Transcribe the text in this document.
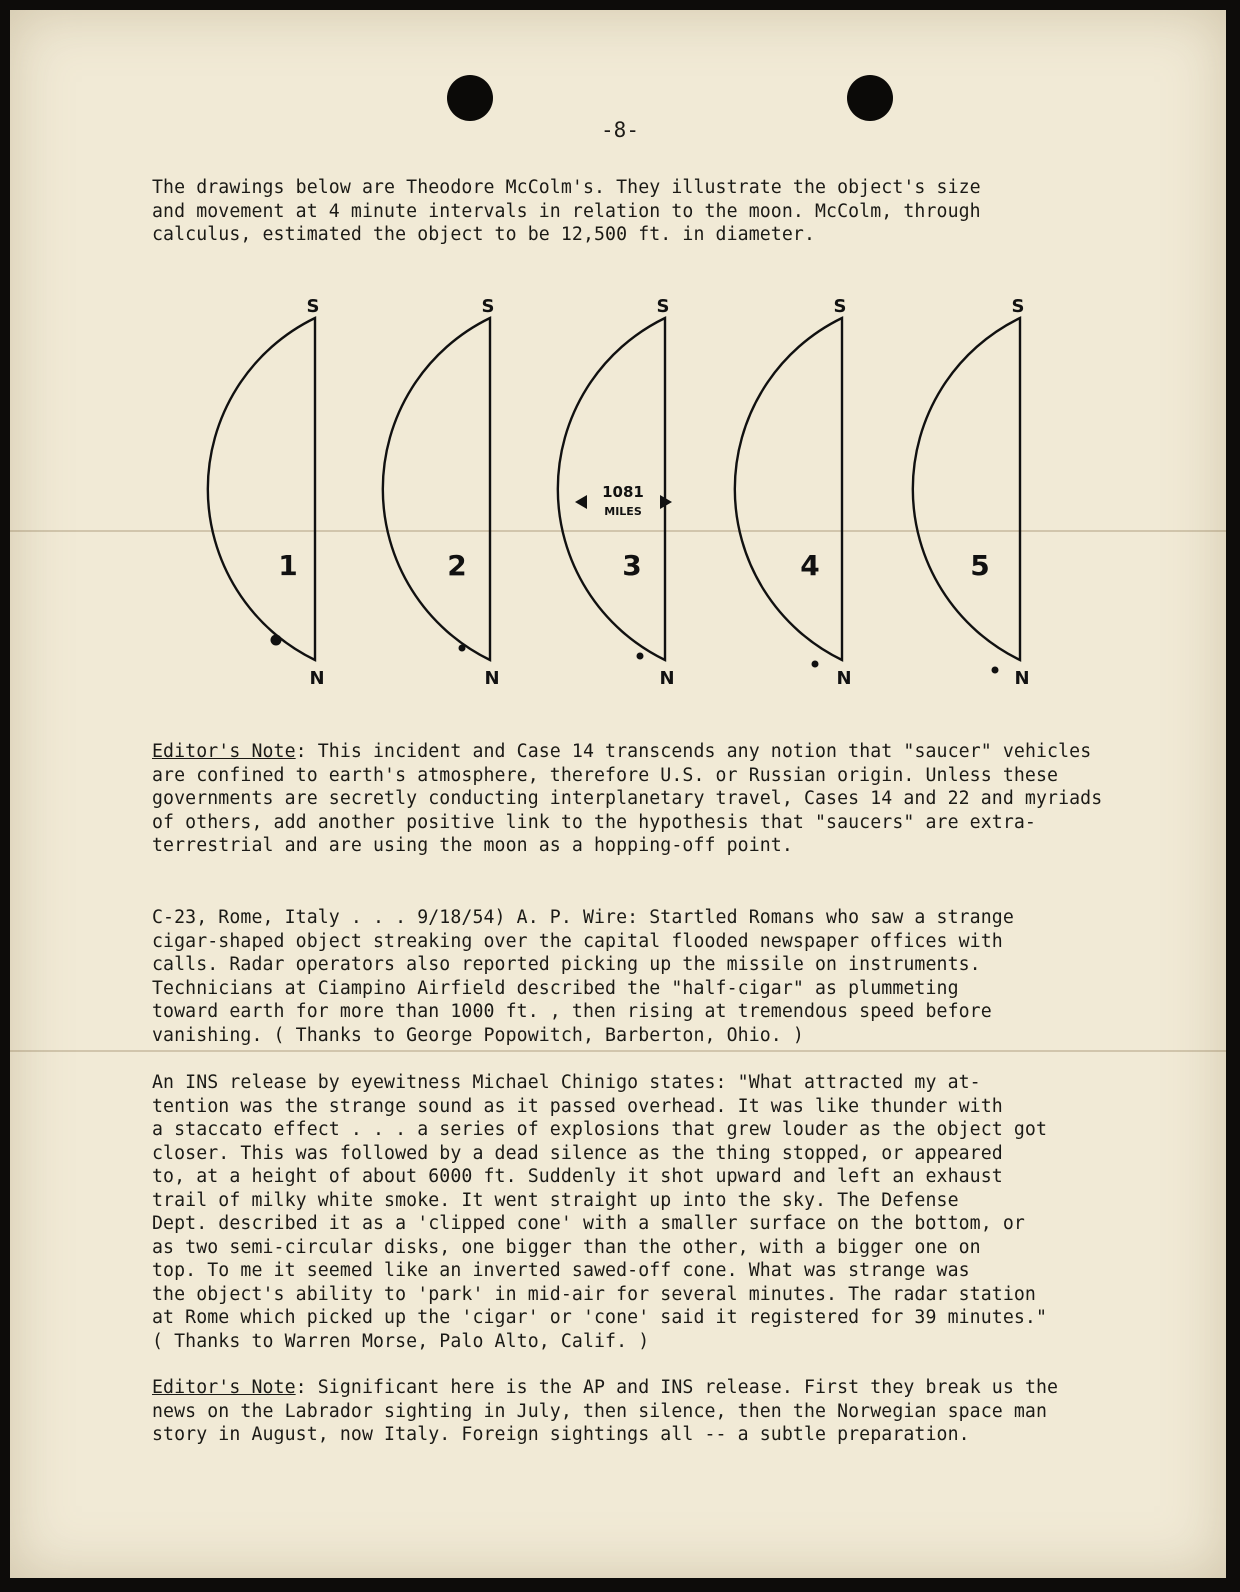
-8-
The drawings below are Theodore McColm's. They illustrate the object's size
and movement at 4 minute intervals in relation to the moon. McColm, through
calculus, estimated the object to be 12,500 ft. in diameter.
S
N
1
S
N
2
S
N
3
S
N
4
S
N
5
1081
MILES
Editor's Note: This incident and Case 14 transcends any notion that "saucer" vehicles are confined to earth's atmosphere, therefore U.S. or Russian origin. Unless these governments are secretly conducting interplanetary travel, Cases 14 and 22 and myriads of others, add another positive link to the hypothesis that "saucers" are extra-terrestrial and are using the moon as a hopping-off point.
C-23, Rome, Italy . . . 9/18/54) A. P. Wire: Startled Romans who saw a strange
cigar-shaped object streaking over the capital flooded newspaper offices with
calls. Radar operators also reported picking up the missile on instruments.
Technicians at Ciampino Airfield described the "half-cigar" as plummeting
toward earth for more than 1000 ft. , then rising at tremendous speed before
vanishing. ( Thanks to George Popowitch, Barberton, Ohio. )
An INS release by eyewitness Michael Chinigo states: "What attracted my at-
tention was the strange sound as it passed overhead. It was like thunder with
a staccato effect . . . a series of explosions that grew louder as the object got
closer. This was followed by a dead silence as the thing stopped, or appeared
to, at a height of about 6000 ft. Suddenly it shot upward and left an exhaust
trail of milky white smoke. It went straight up into the sky. The Defense
Dept. described it as a 'clipped cone' with a smaller surface on the bottom, or
as two semi-circular disks, one bigger than the other, with a bigger one on
top. To me it seemed like an inverted sawed-off cone. What was strange was
the object's ability to 'park' in mid-air for several minutes. The radar station
at Rome which picked up the 'cigar' or 'cone' said it registered for 39 minutes."
( Thanks to Warren Morse, Palo Alto, Calif. )
Editor's Note: Significant here is the AP and INS release. First they break us the news on the Labrador sighting in July, then silence, then the Norwegian space man story in August, now Italy. Foreign sightings all -- a subtle preparation.
